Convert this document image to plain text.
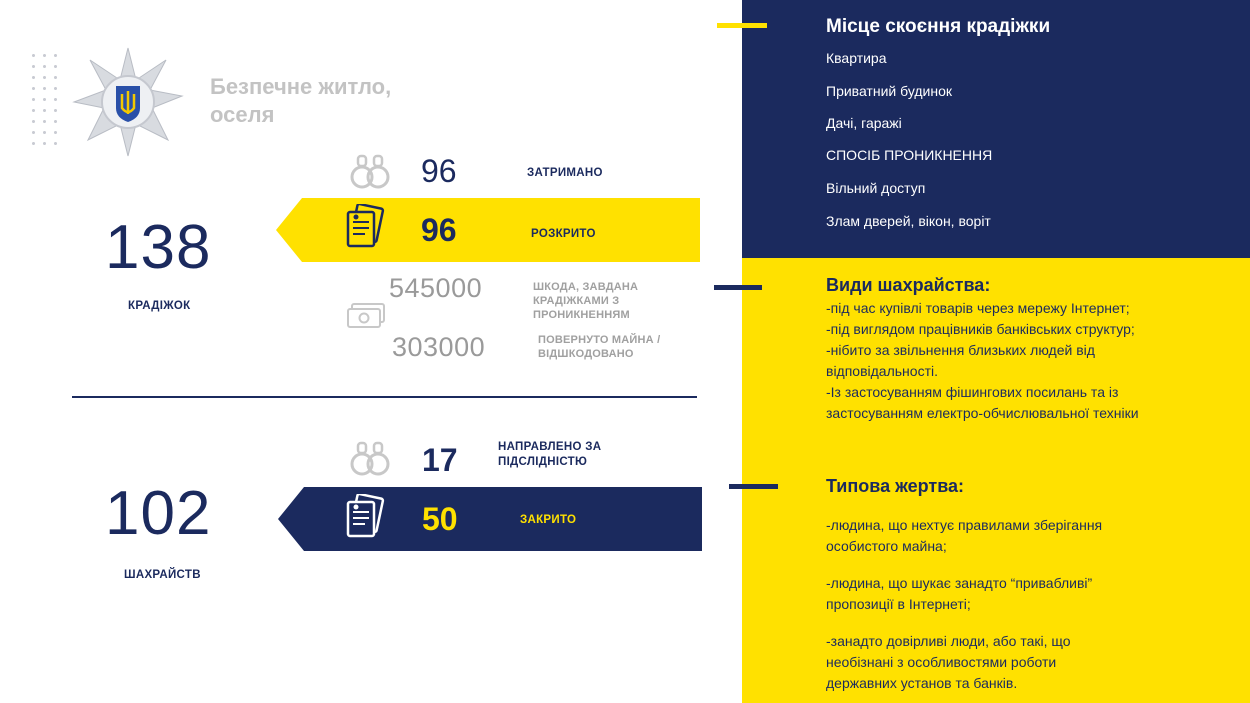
Безпечне житло,
оселя
138
КРАДІЖОК
96	ЗАТРИМАНО
96	РОЗКРИТО
545000	ШКОДА, ЗАВДАНА
КРАДІЖКАМИ З
ПРОНИКНЕННЯМ
303000	ПОВЕРНУТО МАЙНА /
ВІДШКОДОВАНО
102
ШАХРАЙСТВ
17	НАПРАВЛЕНО ЗА
ПІДСЛІДНІСТЮ
50	ЗАКРИТО
Місце скоєння крадіжки
Квартира
Приватний будинок
Дачі, гаражі
СПОСІБ ПРОНИКНЕННЯ
Вільний доступ
Злам дверей, вікон, воріт
Види шахрайства:
-під час купівлі товарів через мережу Інтернет;
-під виглядом працівників банківських структур;
-нібито за звільнення близьких людей від
відповідальності.
-Із застосуванням фішингових посилань та із
застосуванням електро-обчислювальної техніки
Типова жертва:
-людина, що нехтує правилами зберігання
особистого майна;
-людина, що шукає занадто “привабливі”
пропозиції в Інтернеті;
-занадто довірливі люди, або такі, що
необізнані з особливостями роботи
державних установ та банків.
